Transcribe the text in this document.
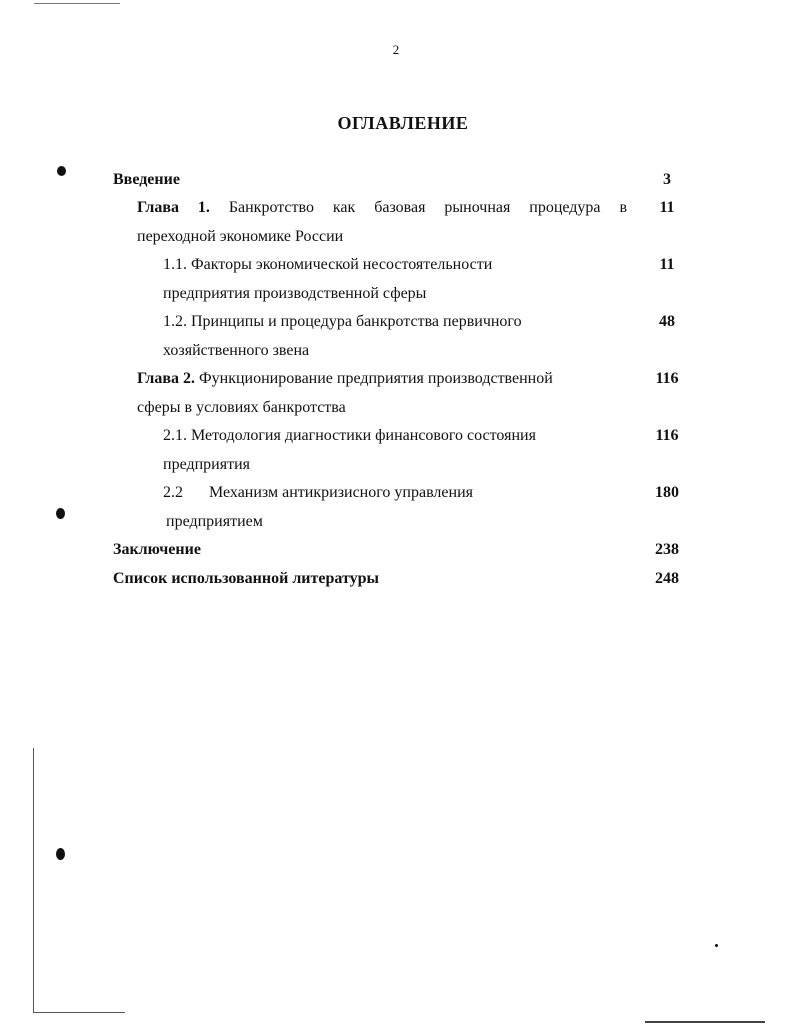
2
ОГЛАВЛЕНИЕ
Введение	3
Глава 1. Банкротство как базовая рыночная процедура в	11
переходной экономике России
1.1. Факторы экономической несостоятельности	11
предприятия производственной сферы
1.2. Принципы и процедура банкротства первичного	48
хозяйственного звена
Глава 2. Функционирование предприятия производственной	116
сферы в условиях банкротства
2.1. Методология диагностики финансового состояния	116
предприятия
2.2 Механизм антикризисного управления	180
предприятием
Заключение	238
Список использованной литературы	248
